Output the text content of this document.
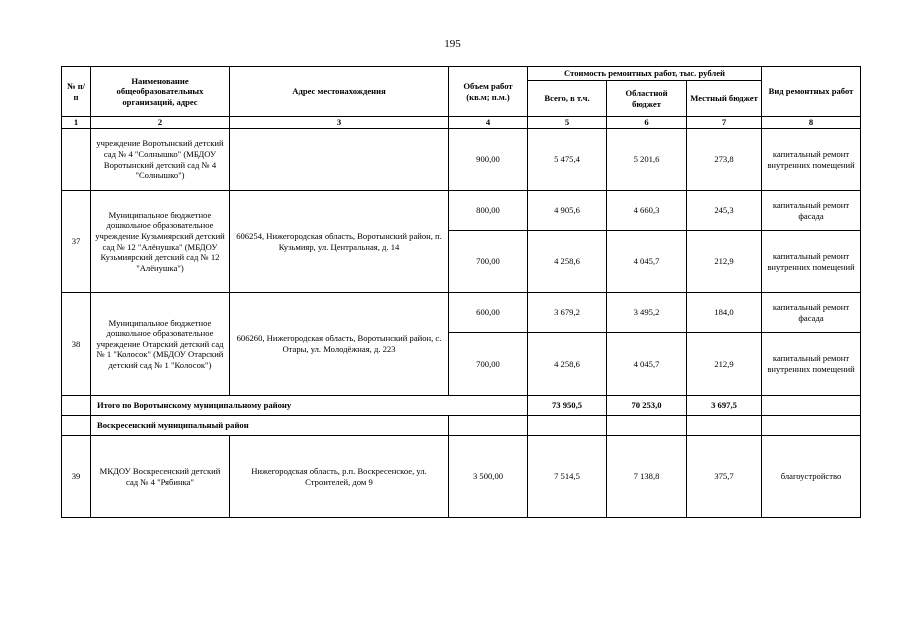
195
№ п/п	Наименование общеобразовательных организаций, адрес	Адрес местонахождения	Объем работ (кв.м; п.м.)	Стоимость ремонтных работ, тыс. рублей			Вид ремонтных работ
				Всего, в т.ч.	Областной бюджет	Местный бюджет	
1	2	3	4	5	6	7	8
	учреждение Воротынский детский сад № 4 "Солнышко" (МБДОУ Воротынский детский сад № 4 "Солнышко")		900,00	5 475,4	5 201,6	273,8	капитальный ремонт внутренних помещений
37	Муниципальное бюджетное дошкольное образовательное учреждение Кузьмиярский детский сад № 12 "Алёнушка" (МБДОУ Кузьмиярский детский сад № 12 "Алёнушка")	606254, Нижегородская область, Воротынский район, п. Кузьмияр, ул. Центральная, д. 14	800,00	4 905,6	4 660,3	245,3	капитальный ремонт фасада
			700,00	4 258,6	4 045,7	212,9	капитальный ремонт внутренних помещений
38	Муниципальное бюджетное дошкольное образовательное учреждение Отарский детский сад № 1 "Колосок" (МБДОУ Отарский детский сад № 1 "Колосок")	606260, Нижегородская область, Воротынский район, с. Отары, ул. Молодёжная, д. 223	600,00	3 679,2	3 495,2	184,0	капитальный ремонт фасада
			700,00	4 258,6	4 045,7	212,9	капитальный ремонт внутренних помещений
	Итого по Воротынскому муниципальному району			73 950,5	70 253,0	3 697,5	
	Воскресенский муниципальный район						
39	МКДОУ Воскресенский детский сад № 4 "Рябинка"	Нижегородская область, р.п. Воскресенское, ул. Строителей, дом 9	3 500,00	7 514,5	7 138,8	375,7	благоустройство
